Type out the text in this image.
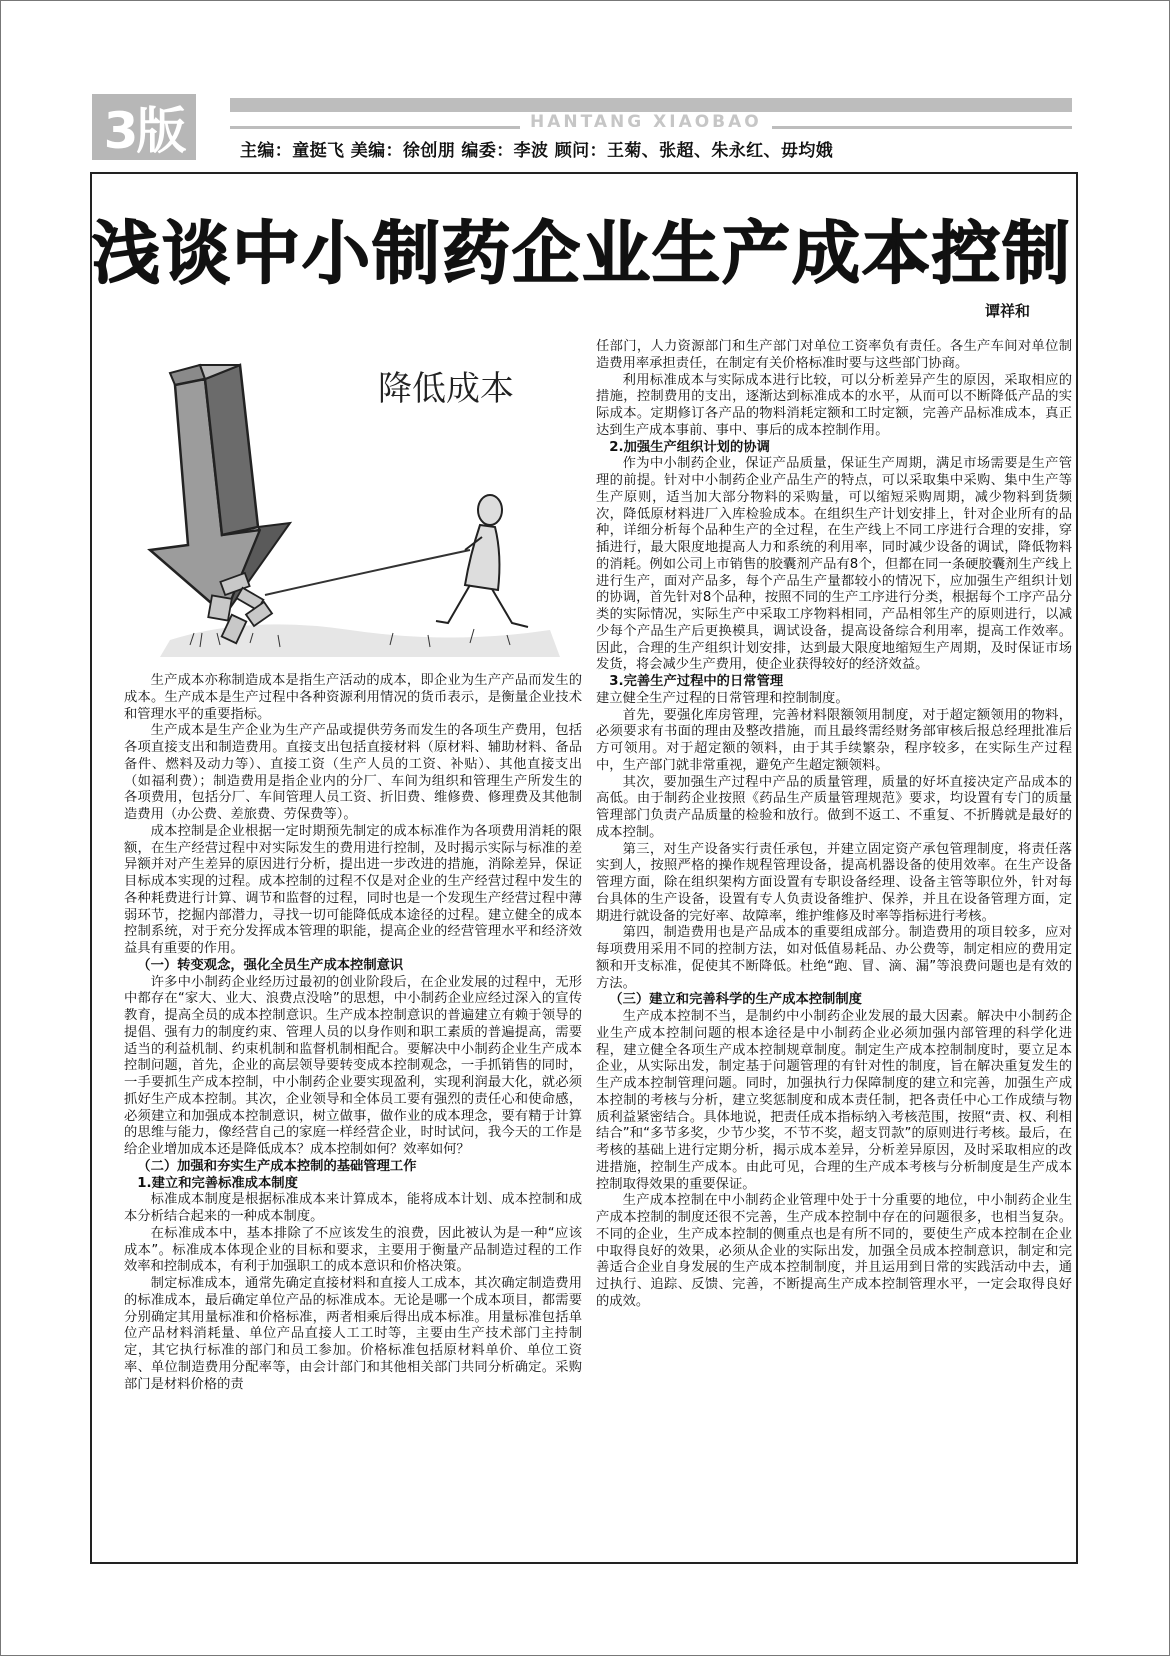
HANTANG XIAOBAO
3版	主编：童挺飞 美编：徐创朋 编委：李波 顾问：王菊、张超、朱永红、毋均娥
浅谈中小制药企业生产成本控制
谭祥和
降低成本

生产成本亦称制造成本是指生产活动的成本，即企业为生产产品而发生的成本。生产成本是生产过程中各种资源利用情况的货币表示，是衡量企业技术和管理水平的重要指标。

生产成本是生产企业为生产产品或提供劳务而发生的各项生产费用，包括各项直接支出和制造费用。直接支出包括直接材料（原材料、辅助材料、备品备件、燃料及动力等）、直接工资（生产人员的工资、补贴）、其他直接支出（如福利费）；制造费用是指企业内的分厂、车间为组织和管理生产所发生的各项费用，包括分厂、车间管理人员工资、折旧费、维修费、修理费及其他制造费用（办公费、差旅费、劳保费等）。

成本控制是企业根据一定时期预先制定的成本标准作为各项费用消耗的限额，在生产经营过程中对实际发生的费用进行控制，及时揭示实际与标准的差异额并对产生差异的原因进行分析，提出进一步改进的措施，消除差异，保证目标成本实现的过程。成本控制的过程不仅是对企业的生产经营过程中发生的各种耗费进行计算、调节和监督的过程，同时也是一个发现生产经营过程中薄弱环节，挖掘内部潜力，寻找一切可能降低成本途径的过程。建立健全的成本控制系统，对于充分发挥成本管理的职能，提高企业的经营管理水平和经济效益具有重要的作用。

（一）转变观念，强化全员生产成本控制意识

许多中小制药企业经历过最初的创业阶段后，在企业发展的过程中，无形中都存在“家大、业大、浪费点没啥”的思想，中小制药企业应经过深入的宣传教育，提高全员的成本控制意识。生产成本控制意识的普遍建立有赖于领导的提倡、强有力的制度约束、管理人员的以身作则和职工素质的普遍提高，需要适当的利益机制、约束机制和监督机制相配合。要解决中小制药企业生产成本控制问题，首先，企业的高层领导要转变成本控制观念，一手抓销售的同时，一手要抓生产成本控制，中小制药企业要实现盈利，实现利润最大化，就必须抓好生产成本控制。其次，企业领导和全体员工要有强烈的责任心和使命感，必须建立和加强成本控制意识，树立做事，做作业的成本理念，要有精于计算的思维与能力，像经营自己的家庭一样经营企业，时时试问，我今天的工作是给企业增加成本还是降低成本？成本控制如何？效率如何？

（二）加强和夯实生产成本控制的基础管理工作
1.建立和完善标准成本制度

标准成本制度是根据标准成本来计算成本，能将成本计划、成本控制和成本分析结合起来的一种成本制度。

在标准成本中，基本排除了不应该发生的浪费，因此被认为是一种“应该成本”。标准成本体现企业的目标和要求，主要用于衡量产品制造过程的工作效率和控制成本，有利于加强职工的成本意识和价格决策。

制定标准成本，通常先确定直接材料和直接人工成本，其次确定制造费用的标准成本，最后确定单位产品的标准成本。无论是哪一个成本项目，都需要分别确定其用量标准和价格标准，两者相乘后得出成本标准。用量标准包括单位产品材料消耗量、单位产品直接人工工时等，主要由生产技术部门主持制定，其它执行标准的部门和员工参加。价格标准包括原材料单价、单位工资率、单位制造费用分配率等，由会计部门和其他相关部门共同分析确定。采购部门是材料价格的责

任部门，人力资源部门和生产部门对单位工资率负有责任。各生产车间对单位制造费用率承担责任，在制定有关价格标准时要与这些部门协商。

利用标准成本与实际成本进行比较，可以分析差异产生的原因，采取相应的措施，控制费用的支出，逐渐达到标准成本的水平，从而可以不断降低产品的实际成本。定期修订各产品的物料消耗定额和工时定额，完善产品标准成本，真正达到生产成本事前、事中、事后的成本控制作用。

2.加强生产组织计划的协调

作为中小制药企业，保证产品质量，保证生产周期，满足市场需要是生产管理的前提。针对中小制药企业产品生产的特点，可以采取集中采购、集中生产等生产原则，适当加大部分物料的采购量，可以缩短采购周期，减少物料到货频次，降低原材料进厂入库检验成本。在组织生产计划安排上，针对企业所有的品种，详细分析每个品种生产的全过程，在生产线上不同工序进行合理的安排，穿插进行，最大限度地提高人力和系统的利用率，同时减少设备的调试，降低物料的消耗。例如公司上市销售的胶囊剂产品有8个，但都在同一条硬胶囊剂生产线上进行生产，面对产品多，每个产品生产量都较小的情况下，应加强生产组织计划的协调，首先针对8个品种，按照不同的生产工序进行分类，根据每个工序产品分类的实际情况，实际生产中采取工序物料相同，产品相邻生产的原则进行，以减少每个产品生产后更换模具，调试设备，提高设备综合利用率，提高工作效率。因此，合理的生产组织计划安排，达到最大限度地缩短生产周期，及时保证市场发货，将会减少生产费用，使企业获得较好的经济效益。

3.完善生产过程中的日常管理

建立健全生产过程的日常管理和控制制度。

首先，要强化库房管理，完善材料限额领用制度，对于超定额领用的物料，必须要求有书面的理由及整改措施，而且最终需经财务部审核后报总经理批准后方可领用。对于超定额的领料，由于其手续繁杂，程序较多，在实际生产过程中，生产部门就非常重视，避免产生超定额领料。

其次，要加强生产过程中产品的质量管理，质量的好坏直接决定产品成本的高低。由于制药企业按照《药品生产质量管理规范》要求，均设置有专门的质量管理部门负责产品质量的检验和放行。做到不返工、不重复、不折腾就是最好的成本控制。

第三，对生产设备实行责任承包，并建立固定资产承包管理制度，将责任落实到人，按照严格的操作规程管理设备，提高机器设备的使用效率。在生产设备管理方面，除在组织架构方面设置有专职设备经理、设备主管等职位外，针对每台具体的生产设备，设置有专人负责设备维护、保养，并且在设备管理方面，定期进行就设备的完好率、故障率，维护维修及时率等指标进行考核。

第四，制造费用也是产品成本的重要组成部分。制造费用的项目较多，应对每项费用采用不同的控制方法，如对低值易耗品、办公费等，制定相应的费用定额和开支标准，促使其不断降低。杜绝“跑、冒、滴、漏”等浪费问题也是有效的方法。

（三）建立和完善科学的生产成本控制制度

生产成本控制不当，是制约中小制药企业发展的最大因素。解决中小制药企业生产成本控制问题的根本途径是中小制药企业必须加强内部管理的科学化进程，建立健全各项生产成本控制规章制度。制定生产成本控制制度时，要立足本企业，从实际出发，制定基于问题管理的有针对性的制度，旨在解决重复发生的生产成本控制管理问题。同时，加强执行力保障制度的建立和完善，加强生产成本控制的考核与分析，建立奖惩制度和成本责任制，把各责任中心工作成绩与物质利益紧密结合。具体地说，把责任成本指标纳入考核范围，按照“责、权、利相结合”和“多节多奖，少节少奖，不节不奖，超支罚款”的原则进行考核。最后，在考核的基础上进行定期分析，揭示成本差异，分析差异原因，及时采取相应的改进措施，控制生产成本。由此可见，合理的生产成本考核与分析制度是生产成本控制取得效果的重要保证。

生产成本控制在中小制药企业管理中处于十分重要的地位，中小制药企业生产成本控制的制度还很不完善，生产成本控制中存在的问题很多，也相当复杂。不同的企业，生产成本控制的侧重点也是有所不同的，要使生产成本控制在企业中取得良好的效果，必须从企业的实际出发，加强全员成本控制意识，制定和完善适合企业自身发展的生产成本控制制度，并且运用到日常的实践活动中去，通过执行、追踪、反馈、完善，不断提高生产成本控制管理水平，一定会取得良好的成效。
